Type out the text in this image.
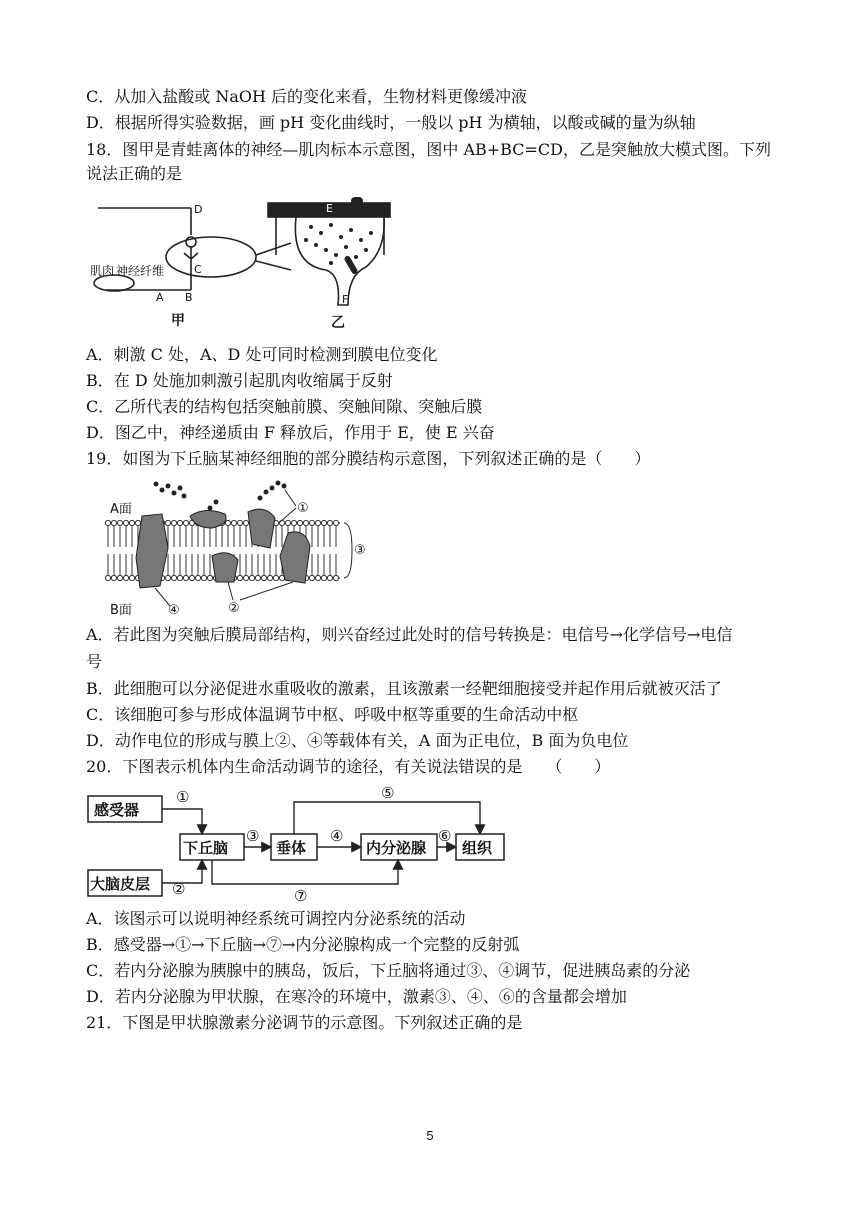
C．从加入盐酸或 NaOH 后的变化来看，生物材料更像缓冲液
D．根据所得实验数据，画 pH 变化曲线时，一般以 pH 为横轴，以酸或碱的量为纵轴
18．图甲是青蛙离体的神经—肌肉标本示意图，图中 AB+BC=CD，乙是突触放大模式图。下列
说法正确的是
D
C
B
A
E
F
肌肉 神经纤维
甲	乙
A．刺激 C 处，A、D 处可同时检测到膜电位变化
B．在 D 处施加刺激引起肌肉收缩属于反射
C．乙所代表的结构包括突触前膜、突触间隙、突触后膜
D．图乙中，神经递质由 F 释放后，作用于 E，使 E 兴奋
19．如图为下丘脑某神经细胞的部分膜结构示意图，下列叙述正确的是（　　）
A面
B面
①
②
③
④
A．若此图为突触后膜局部结构，则兴奋经过此处时的信号转换是：电信号→化学信号→电信
号
B．此细胞可以分泌促进水重吸收的激素，且该激素一经靶细胞接受并起作用后就被灭活了
C．该细胞可参与形成体温调节中枢、呼吸中枢等重要的生命活动中枢
D．动作电位的形成与膜上②、④等载体有关，A 面为正电位，B 面为负电位
20．下图表示机体内生命活动调节的途径，有关说法错误的是　　（　　）
感受器
下丘脑	垂体	内分泌腺 组织
大脑皮层
①
②
③	④
⑤
⑥
⑦
A．该图示可以说明神经系统可调控内分泌系统的活动
B．感受器→①→下丘脑→⑦→内分泌腺构成一个完整的反射弧
C．若内分泌腺为胰腺中的胰岛，饭后，下丘脑将通过③、④调节，促进胰岛素的分泌
D．若内分泌腺为甲状腺，在寒冷的环境中，激素③、④、⑥的含量都会增加
21．下图是甲状腺激素分泌调节的示意图。下列叙述正确的是
5
